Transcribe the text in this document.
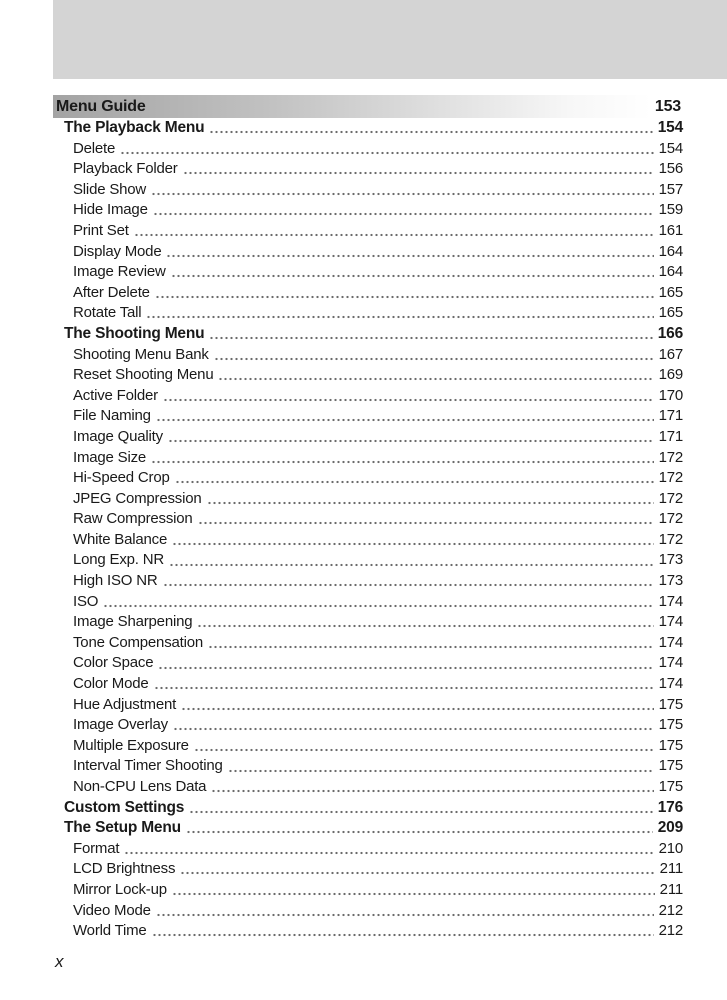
Menu Guide	153
The Playback Menu	154
Delete	154
Playback Folder	156
Slide Show	157
Hide Image	159
Print Set	161
Display Mode	164
Image Review	164
After Delete	165
Rotate Tall	165
The Shooting Menu	166
Shooting Menu Bank	167
Reset Shooting Menu	169
Active Folder	170
File Naming	171
Image Quality	171
Image Size	172
Hi-Speed Crop	172
JPEG Compression	172
Raw Compression	172
White Balance	172
Long Exp. NR	173
High ISO NR	173
ISO	174
Image Sharpening	174
Tone Compensation	174
Color Space	174
Color Mode	174
Hue Adjustment	175
Image Overlay	175
Multiple Exposure	175
Interval Timer Shooting	175
Non-CPU Lens Data	175
Custom Settings	176
The Setup Menu	209
Format	210
LCD Brightness	211
Mirror Lock-up	211
Video Mode	212
World Time	212
x
